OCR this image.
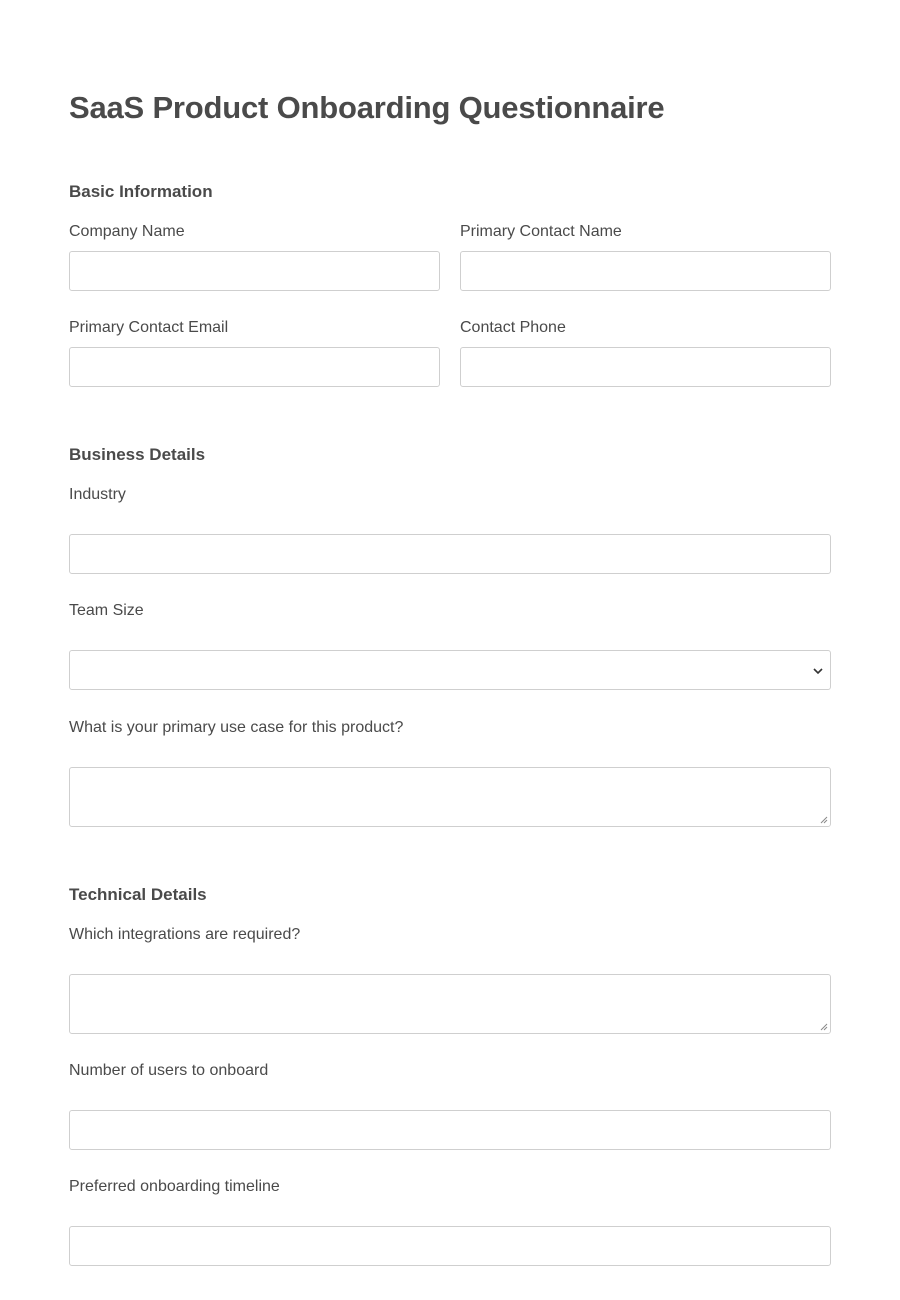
SaaS Product Onboarding Questionnaire
Basic Information
Company Name	Primary Contact Name
Primary Contact Email	Contact Phone
Business Details
Industry
Team Size
What is your primary use case for this product?
Technical Details
Which integrations are required?
Number of users to onboard
Preferred onboarding timeline
